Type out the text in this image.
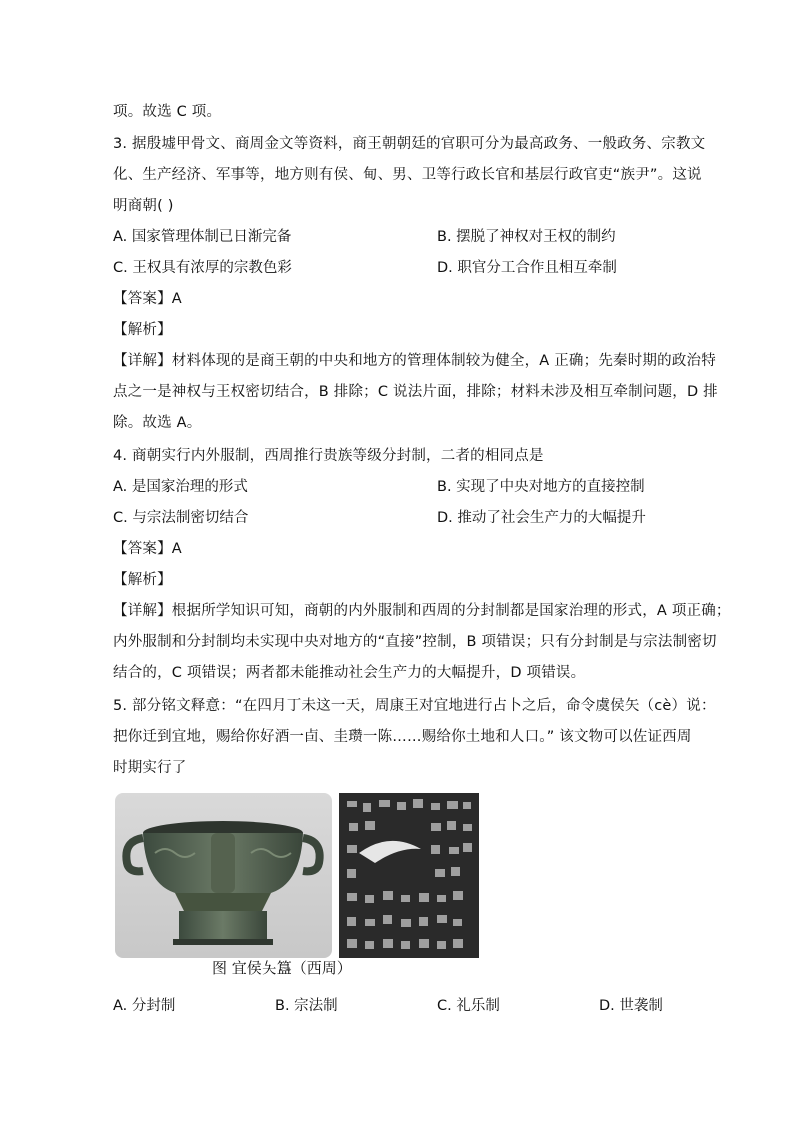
项。故选 C 项。
3. 据殷墟甲骨文、商周金文等资料，商王朝朝廷的官职可分为最高政务、一般政务、宗教文
化、生产经济、军事等，地方则有侯、甸、男、卫等行政长官和基层行政官吏“族尹”。这说
明商朝( )
A. 国家管理体制已日渐完备	B. 摆脱了神权对王权的制约
C. 王权具有浓厚的宗教色彩	D. 职官分工合作且相互牵制
【答案】A
【解析】
【详解】材料体现的是商王朝的中央和地方的管理体制较为健全，A 正确；先秦时期的政治特
点之一是神权与王权密切结合，B 排除；C 说法片面，排除；材料未涉及相互牵制问题，D 排
除。故选 A。
4. 商朝实行内外服制，西周推行贵族等级分封制，二者的相同点是
A. 是国家治理的形式	B. 实现了中央对地方的直接控制
C. 与宗法制密切结合	D. 推动了社会生产力的大幅提升
【答案】A
【解析】
【详解】根据所学知识可知，商朝的内外服制和西周的分封制都是国家治理的形式，A 项正确；
内外服制和分封制均未实现中央对地方的“直接”控制，B 项错误；只有分封制是与宗法制密切
结合的，C 项错误；两者都未能推动社会生产力的大幅提升，D 项错误。
5. 部分铭文释意：“在四月丁未这一天，周康王对宜地进行占卜之后，命令虞侯矢（cè）说：
把你迁到宜地，赐给你好酒一卣、圭瓒一陈……赐给你土地和人口。” 该文物可以佐证西周
时期实行了
图 宜侯夨簋（西周）
A. 分封制	B. 宗法制	C. 礼乐制	D. 世袭制
